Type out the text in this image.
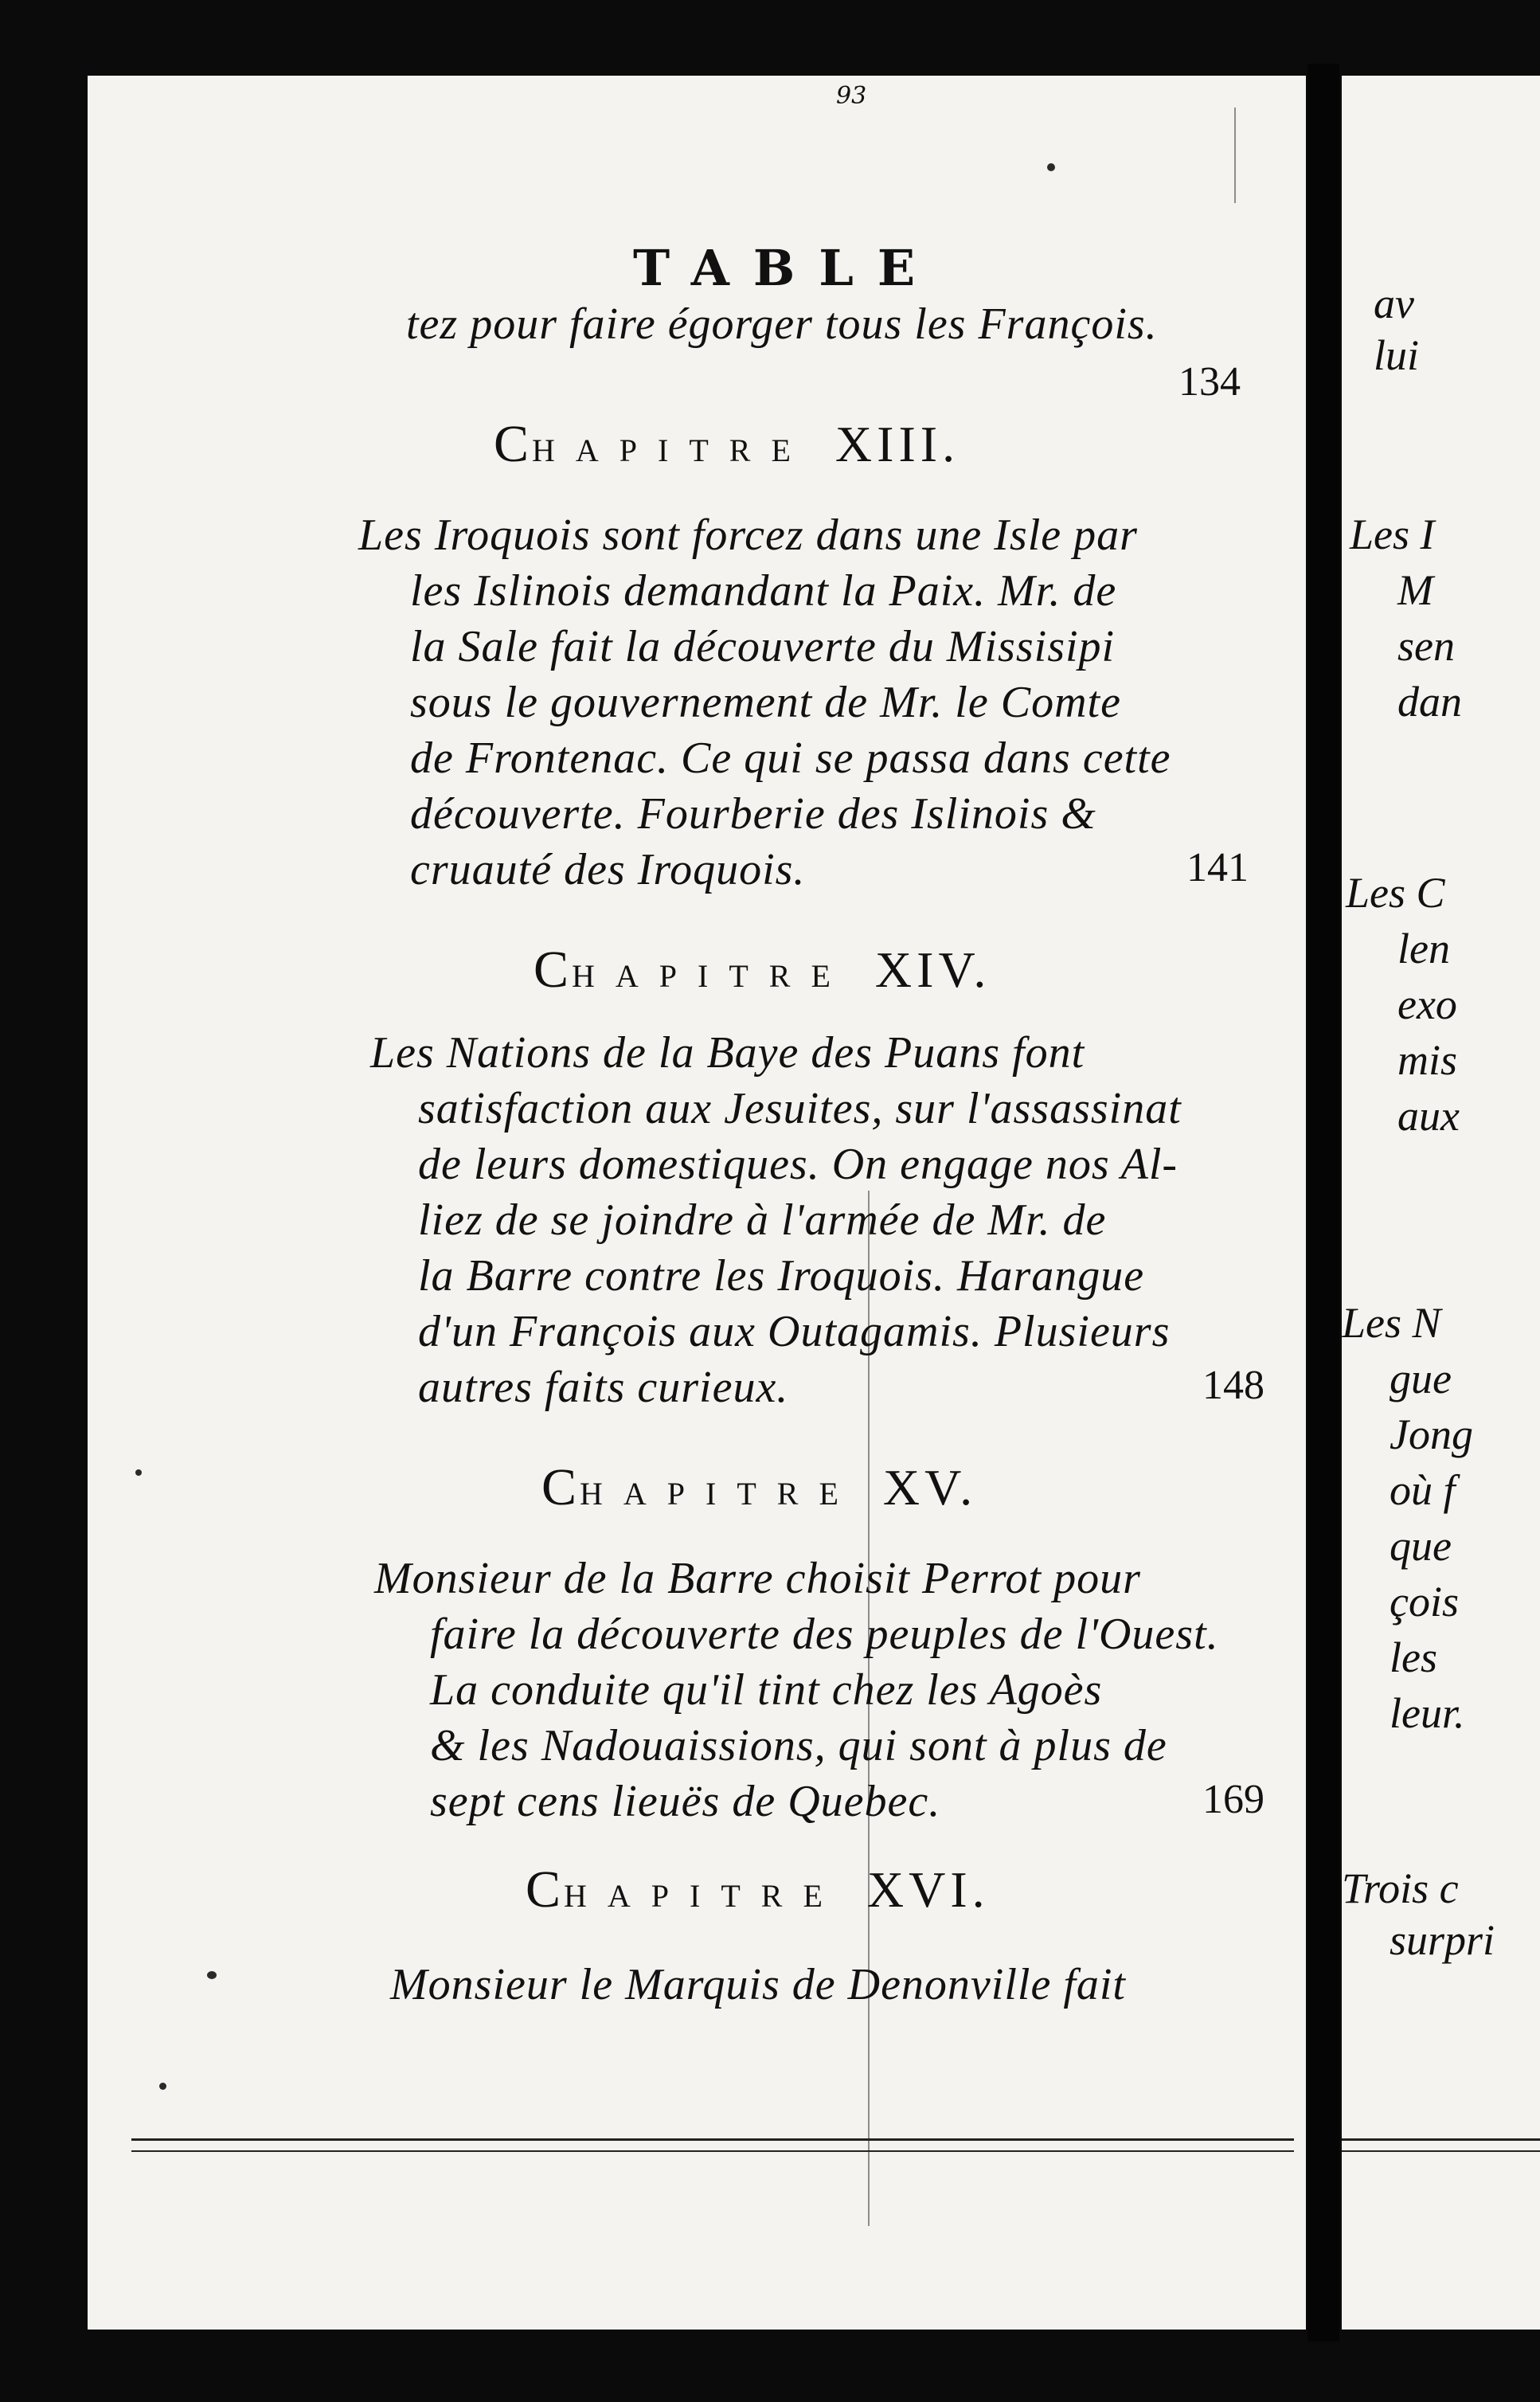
93
TABLE
tez pour faire égorger tous les François.
134
CHAPITRE XIII.
Les Iroquois sont forcez dans une Isle par
les Islinois demandant la Paix. Mr. de
la Sale fait la découverte du Missisipi
sous le gouvernement de Mr. le Comte
de Frontenac. Ce qui se passa dans cette
découverte. Fourberie des Islinois &
cruauté des Iroquois.	141
CHAPITRE XIV.
Les Nations de la Baye des Puans font
satisfaction aux Jesuites, sur l'assassinat
de leurs domestiques. On engage nos Al-
liez de se joindre à l'armée de Mr. de
la Barre contre les Iroquois. Harangue
d'un François aux Outagamis. Plusieurs
autres faits curieux.	148
CHAPITRE XV.
Monsieur de la Barre choisit Perrot pour
faire la découverte des peuples de l'Ouest.
La conduite qu'il tint chez les Agoès
& les Nadouaissions, qui sont à plus de
sept cens lieuës de Quebec.	169
CHAPITRE XVI.
Monsieur le Marquis de Denonville fait
av
lui
Les I
M
sen
dan
Les C
len
exo
mis
aux
Les N
gue
Jong
où f
que
çois
les
leur.
Trois c
surpri
